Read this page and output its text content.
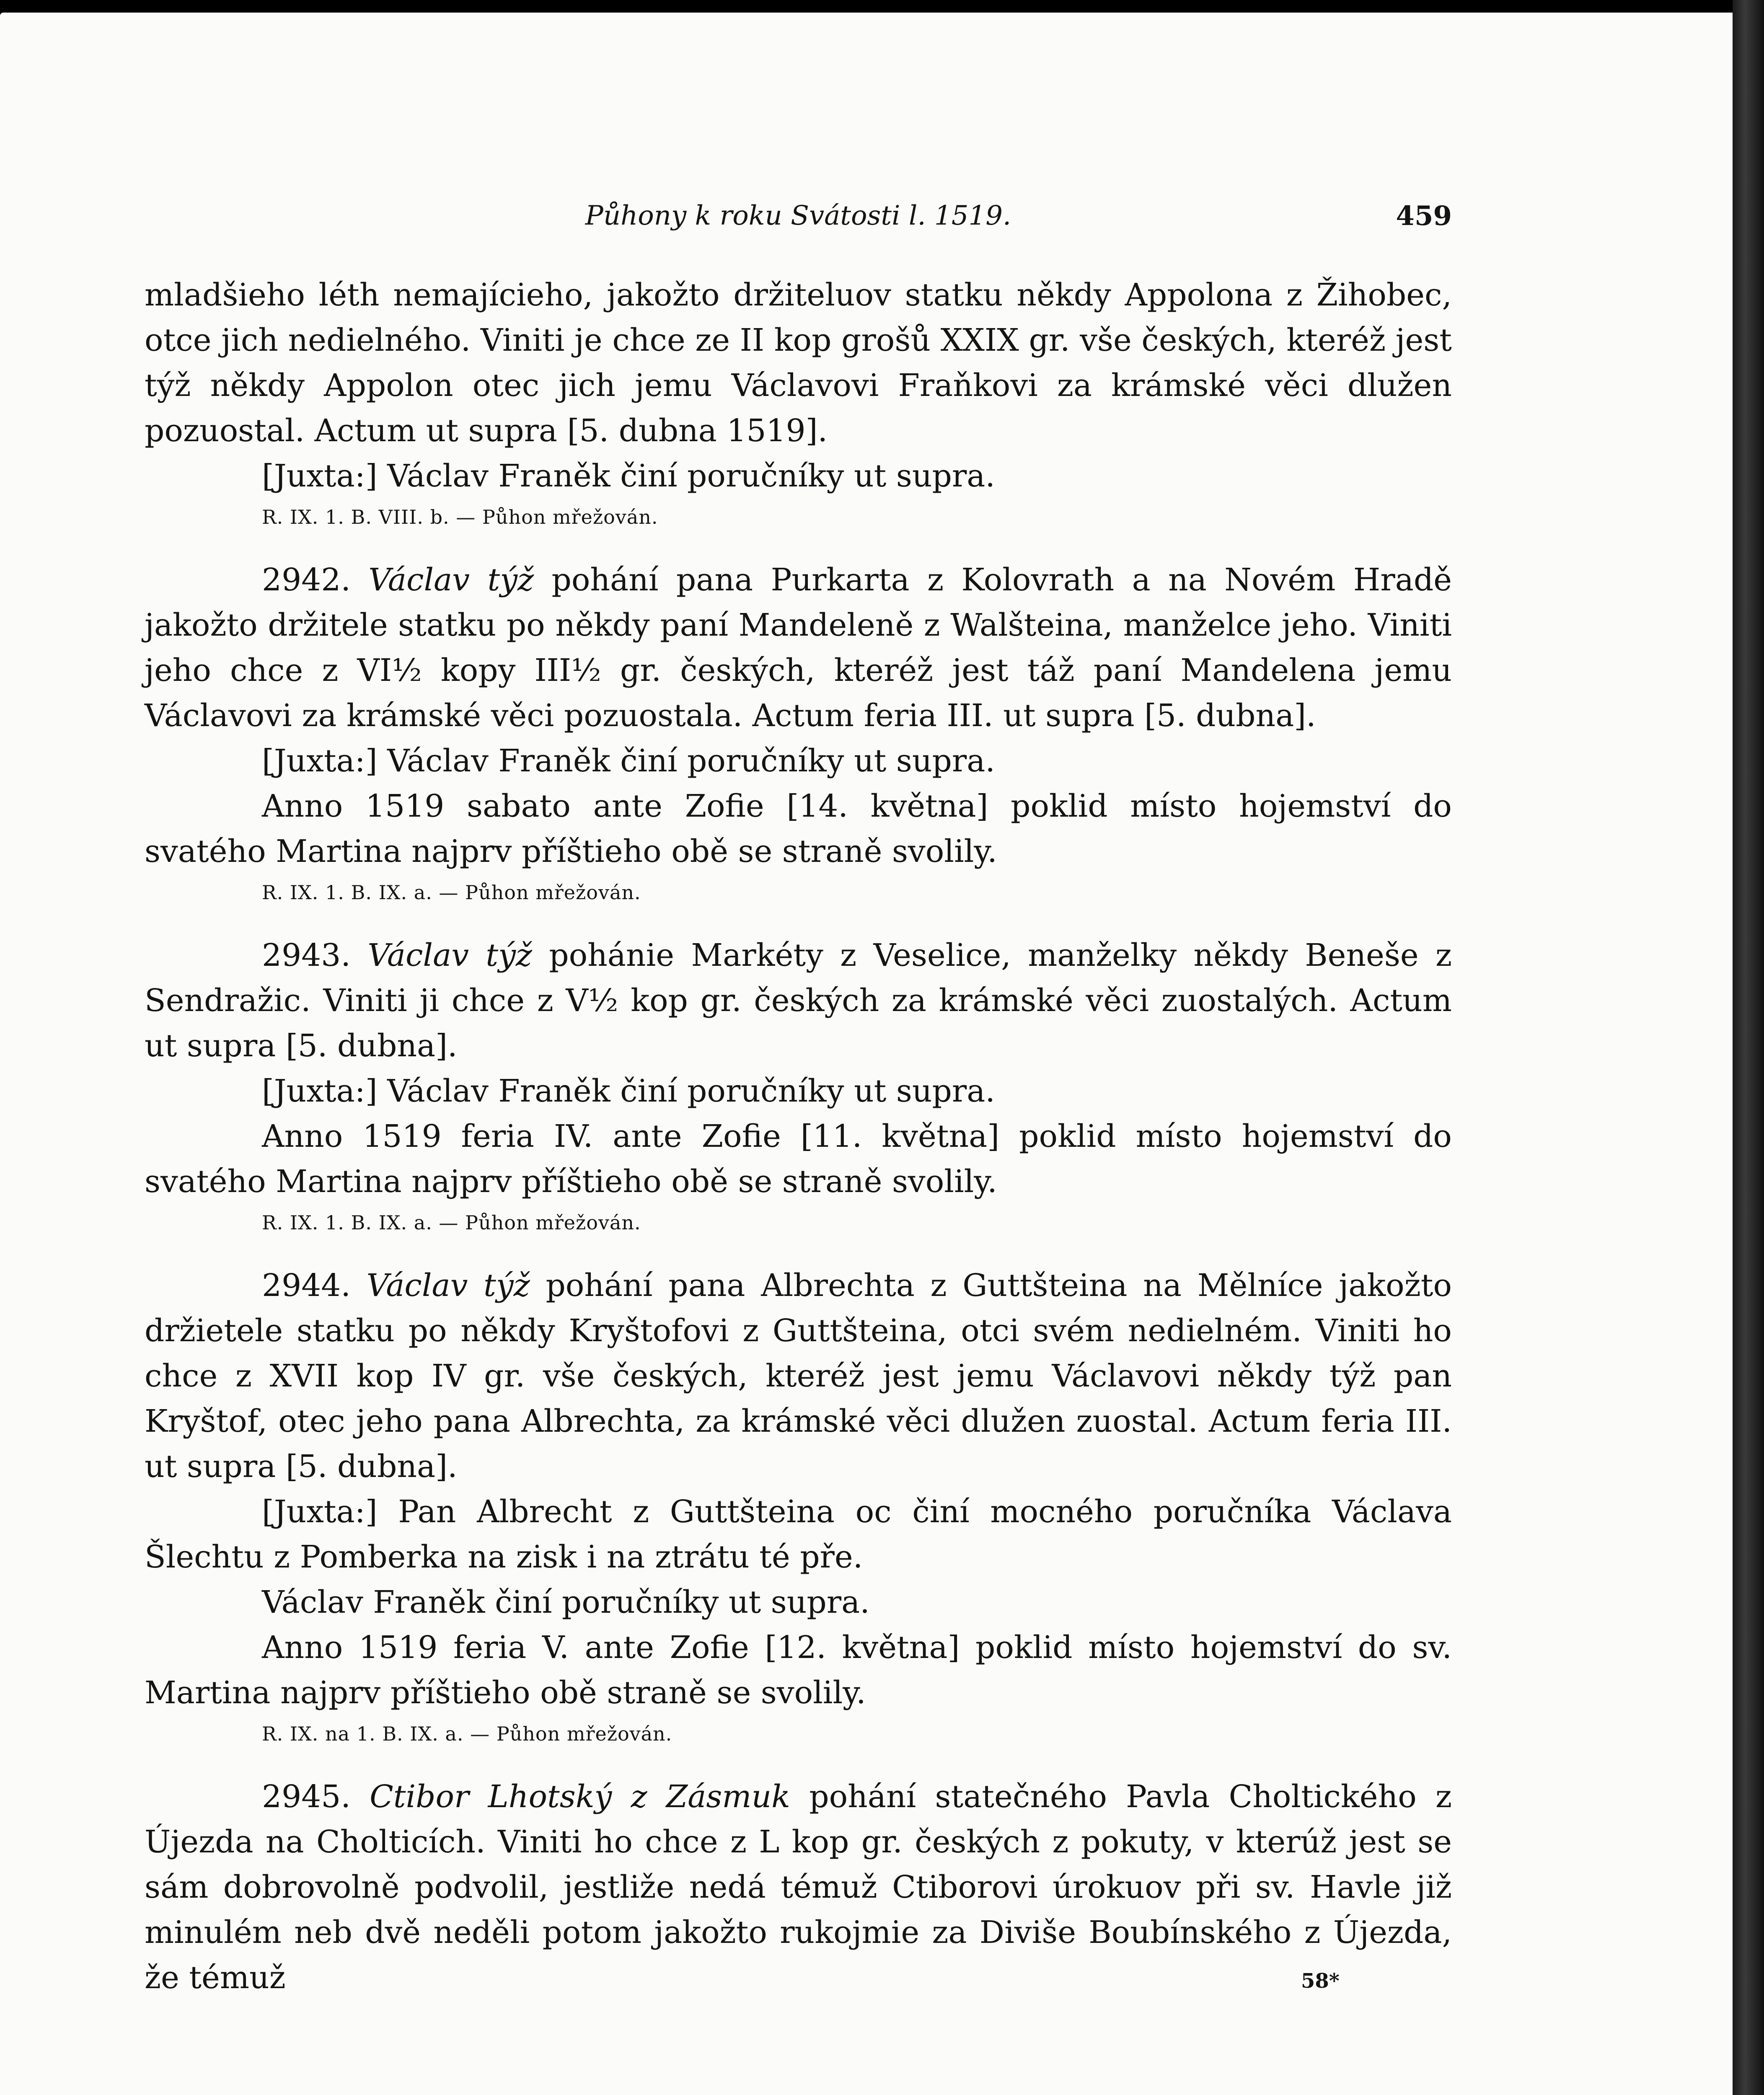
Půhony k roku Svátosti l. 1519.	459

mladšieho léth nemajícieho, jakožto držiteluov statku někdy Appolona z Žihobec, otce jich nedielného. Viniti je chce ze II kop grošů XXIX gr. vše českých, kteréž jest týž někdy Appolon otec jich jemu Václavovi Fraňkovi za krámské věci dlužen pozuostal. Actum ut supra [5. dubna 1519].

[Juxta:] Václav Franěk činí poručníky ut supra.

R. IX. 1. B. VIII. b. — Půhon mřežován.

2942. Václav týž pohání pana Purkarta z Kolovrath a na Novém Hradě jakožto držitele statku po někdy paní Mandeleně z Walšteina, manželce jeho. Viniti jeho chce z VI½ kopy III½ gr. českých, kteréž jest táž paní Mandelena jemu Václavovi za krámské věci pozuostala. Actum feria III. ut supra [5. dubna].

[Juxta:] Václav Franěk činí poručníky ut supra.

Anno 1519 sabato ante Zofie [14. května] poklid místo hojemství do svatého Martina najprv příštieho obě se straně svolily.

R. IX. 1. B. IX. a. — Půhon mřežován.

2943. Václav týž pohánie Markéty z Veselice, manželky někdy Beneše z Sendražic. Viniti ji chce z V½ kop gr. českých za krámské věci zuostalých. Actum ut supra [5. dubna].

[Juxta:] Václav Franěk činí poručníky ut supra.

Anno 1519 feria IV. ante Zofie [11. května] poklid místo hojemství do svatého Martina najprv příštieho obě se straně svolily.

R. IX. 1. B. IX. a. — Půhon mřežován.

2944. Václav týž pohání pana Albrechta z Guttšteina na Mělníce jakožto držietele statku po někdy Kryštofovi z Guttšteina, otci svém nedielném. Viniti ho chce z XVII kop IV gr. vše českých, kteréž jest jemu Václavovi někdy týž pan Kryštof, otec jeho pana Albrechta, za krámské věci dlužen zuostal. Actum feria III. ut supra [5. dubna].

[Juxta:] Pan Albrecht z Guttšteina oc činí mocného poručníka Václava Šlechtu z Pomberka na zisk i na ztrátu té pře.

Václav Franěk činí poručníky ut supra.

Anno 1519 feria V. ante Zofie [12. května] poklid místo hojemství do sv. Martina najprv příštieho obě straně se svolily.

R. IX. na 1. B. IX. a. — Půhon mřežován.

2945. Ctibor Lhotský z Zásmuk pohání statečného Pavla Choltického z Újezda na Cholticích. Viniti ho chce z L kop gr. českých z pokuty, v kterúž jest se sám dobrovolně podvolil, jestliže nedá témuž Ctiborovi úrokuov při sv. Havle již minulém neb dvě neděli potom jakožto rukojmie za Diviše Boubínského z Újezda, že témuž	58*
